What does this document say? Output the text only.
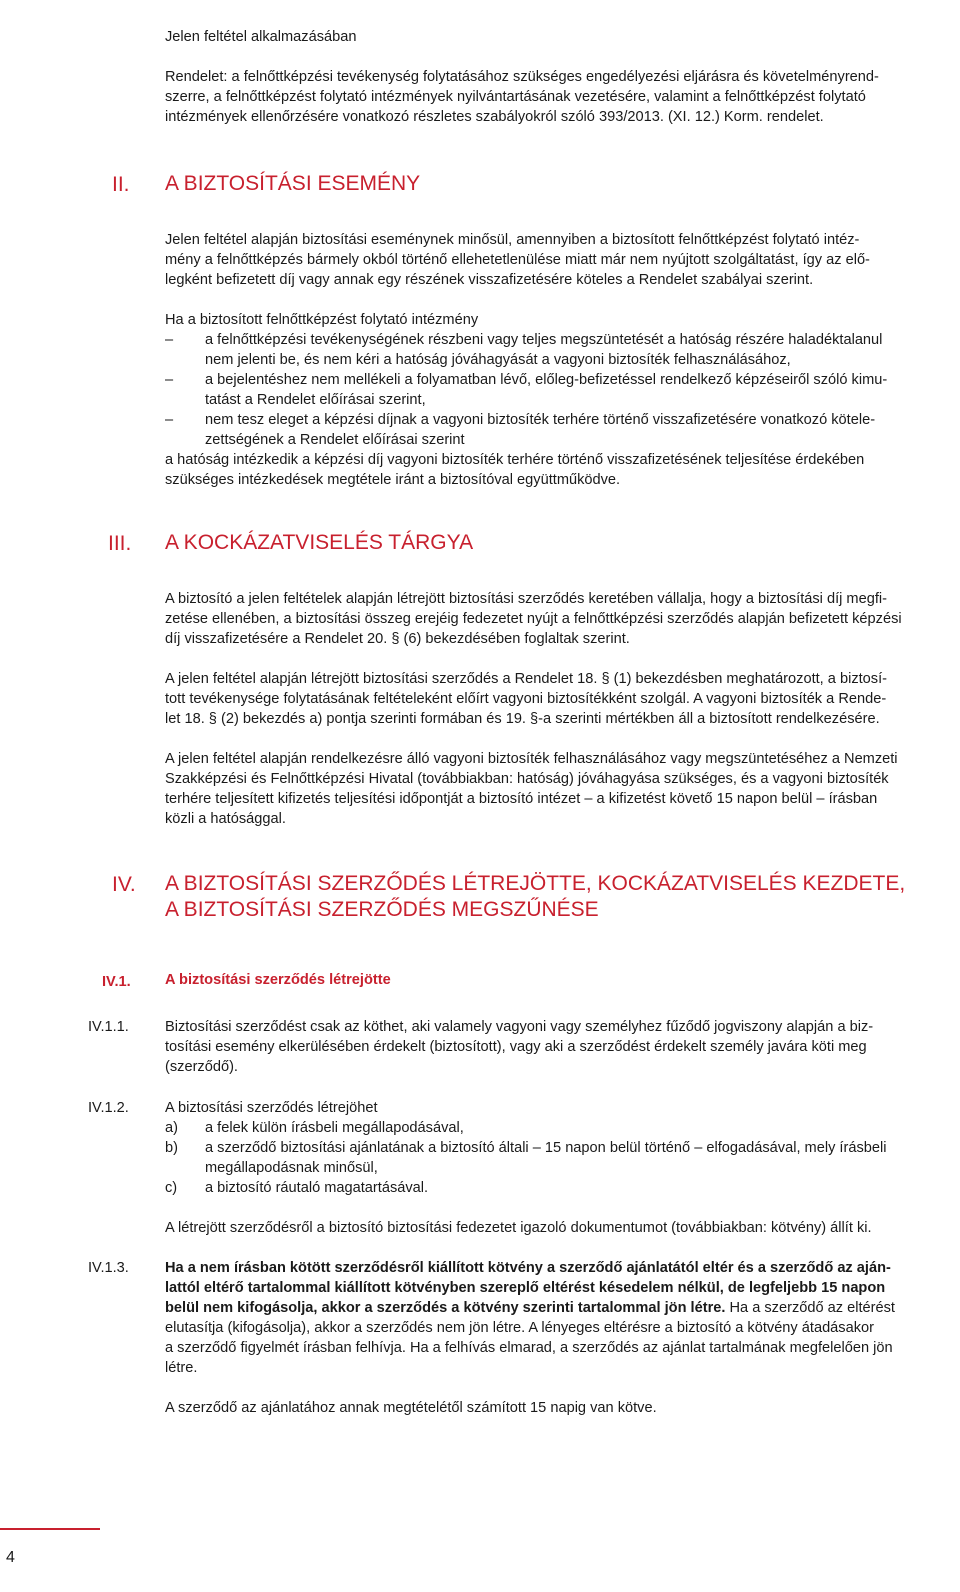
Jelen feltétel alkalmazásában

Rendelet: a felnőttképzési tevékenység folytatásához szükséges engedélyezési eljárásra és követelményrend-

szerre, a felnőttképzést folytató intézmények nyilvántartásának vezetésére, valamint a felnőttképzést folytató

intézmények ellenőrzésére vonatkozó részletes szabályokról szóló 393/2013. (XI. 12.) Korm. rendelet.

II. A BIZTOSÍTÁSI ESEMÉNY

Jelen feltétel alapján biztosítási eseménynek minősül, amennyiben a biztosított felnőttképzést folytató intéz-

mény a felnőttképzés bármely okból történő ellehetetlenülése miatt már nem nyújtott szolgáltatást, így az elő-

legként befizetett díj vagy annak egy részének visszafizetésére köteles a Rendelet szabályai szerint.

Ha a biztosított felnőttképzést folytató intézmény

–	a felnőttképzési tevékenységének részbeni vagy teljes megszüntetését a hatóság részére haladéktalanul

nem jelenti be, és nem kéri a hatóság jóváhagyását a vagyoni biztosíték felhasználásához,

–	a bejelentéshez nem mellékeli a folyamatban lévő, előleg-befizetéssel rendelkező képzéseiről szóló kimu-

tatást a Rendelet előírásai szerint,

–	nem tesz eleget a képzési díjnak a vagyoni biztosíték terhére történő visszafizetésére vonatkozó kötele-

zettségének a Rendelet előírásai szerint

a hatóság intézkedik a képzési díj vagyoni biztosíték terhére történő visszafizetésének teljesítése érdekében

szükséges intézkedések megtétele iránt a biztosítóval együttműködve.

III. A KOCKÁZATVISELÉS TÁRGYA

A biztosító a jelen feltételek alapján létrejött biztosítási szerződés keretében vállalja, hogy a biztosítási díj megfi-

zetése ellenében, a biztosítási összeg erejéig fedezetet nyújt a felnőttképzési szerződés alapján befizetett képzési

díj visszafizetésére a Rendelet 20. § (6) bekezdésében foglaltak szerint.

A jelen feltétel alapján létrejött biztosítási szerződés a Rendelet 18. § (1) bekezdésben meghatározott, a biztosí-

tott tevékenysége folytatásának feltételeként előírt vagyoni biztosítékként szolgál. A vagyoni biztosíték a Rende-

let 18. § (2) bekezdés a) pontja szerinti formában és 19. §-a szerinti mértékben áll a biztosított rendelkezésére.

A jelen feltétel alapján rendelkezésre álló vagyoni biztosíték felhasználásához vagy megszüntetéséhez a Nemzeti

Szakképzési és Felnőttképzési Hivatal (továbbiakban: hatóság) jóváhagyása szükséges, és a vagyoni biztosíték

terhére teljesített kifizetés teljesítési időpontját a biztosító intézet – a kifizetést követő 15 napon belül – írásban

közli a hatósággal.

IV. A BIZTOSÍTÁSI SZERZŐDÉS LÉTREJÖTTE, KOCKÁZATVISELÉS KEZDETE,
A BIZTOSÍTÁSI SZERZŐDÉS MEGSZŰNÉSE
IV.1. A biztosítási szerződés létrejötte
IV.1.1. Biztosítási szerződést csak az köthet, aki valamely vagyoni vagy személyhez fűződő jogviszony alapján a biz-

tosítási esemény elkerülésében érdekelt (biztosított), vagy aki a szerződést érdekelt személy javára köti meg

(szerződő).

IV.1.2. A biztosítási szerződés létrejöhet

a)	a felek külön írásbeli megállapodásával,

b)	a szerződő biztosítási ajánlatának a biztosító általi – 15 napon belül történő – elfogadásával, mely írásbeli

megállapodásnak minősül,

c)	a biztosító ráutaló magatartásával.

A létrejött szerződésről a biztosító biztosítási fedezetet igazoló dokumentumot (továbbiakban: kötvény) állít ki.

IV.1.3. Ha a nem írásban kötött szerződésről kiállított kötvény a szerződő ajánlatától eltér és a szerződő az aján-

lattól eltérő tartalommal kiállított kötvényben szereplő eltérést késedelem nélkül, de legfeljebb 15 napon

belül nem kifogásolja, akkor a szerződés a kötvény szerinti tartalommal jön létre. Ha a szerződő az eltérést

elutasítja (kifogásolja), akkor a szerződés nem jön létre. A lényeges eltérésre a biztosító a kötvény átadásakor

a szerződő figyelmét írásban felhívja. Ha a felhívás elmarad, a szerződés az ajánlat tartalmának megfelelően jön

létre.

A szerződő az ajánlatához annak megtételétől számított 15 napig van kötve.

4
